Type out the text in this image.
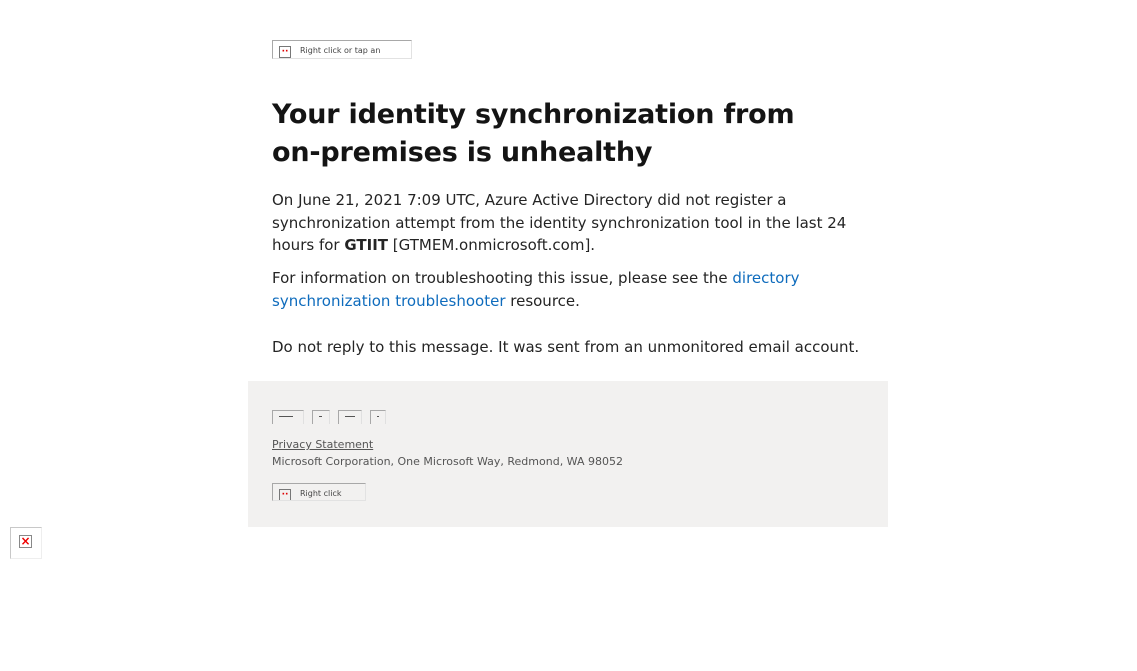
··	Right click or tap an
Your identity synchronization from on-premises is unhealthy

On June 21, 2021 7:09 UTC, Azure Active Directory did not register a synchronization attempt from the identity synchronization tool in the last 24 hours for GTIIT [GTMEM.onmicrosoft.com].

For information on troubleshooting this issue, please see the directory synchronization troubleshooter resource.

Do not reply to this message. It was sent from an unmonitored email account.

Privacy Statement
Microsoft Corporation, One Microsoft Way, Redmond, WA 98052
··	Right click
×
